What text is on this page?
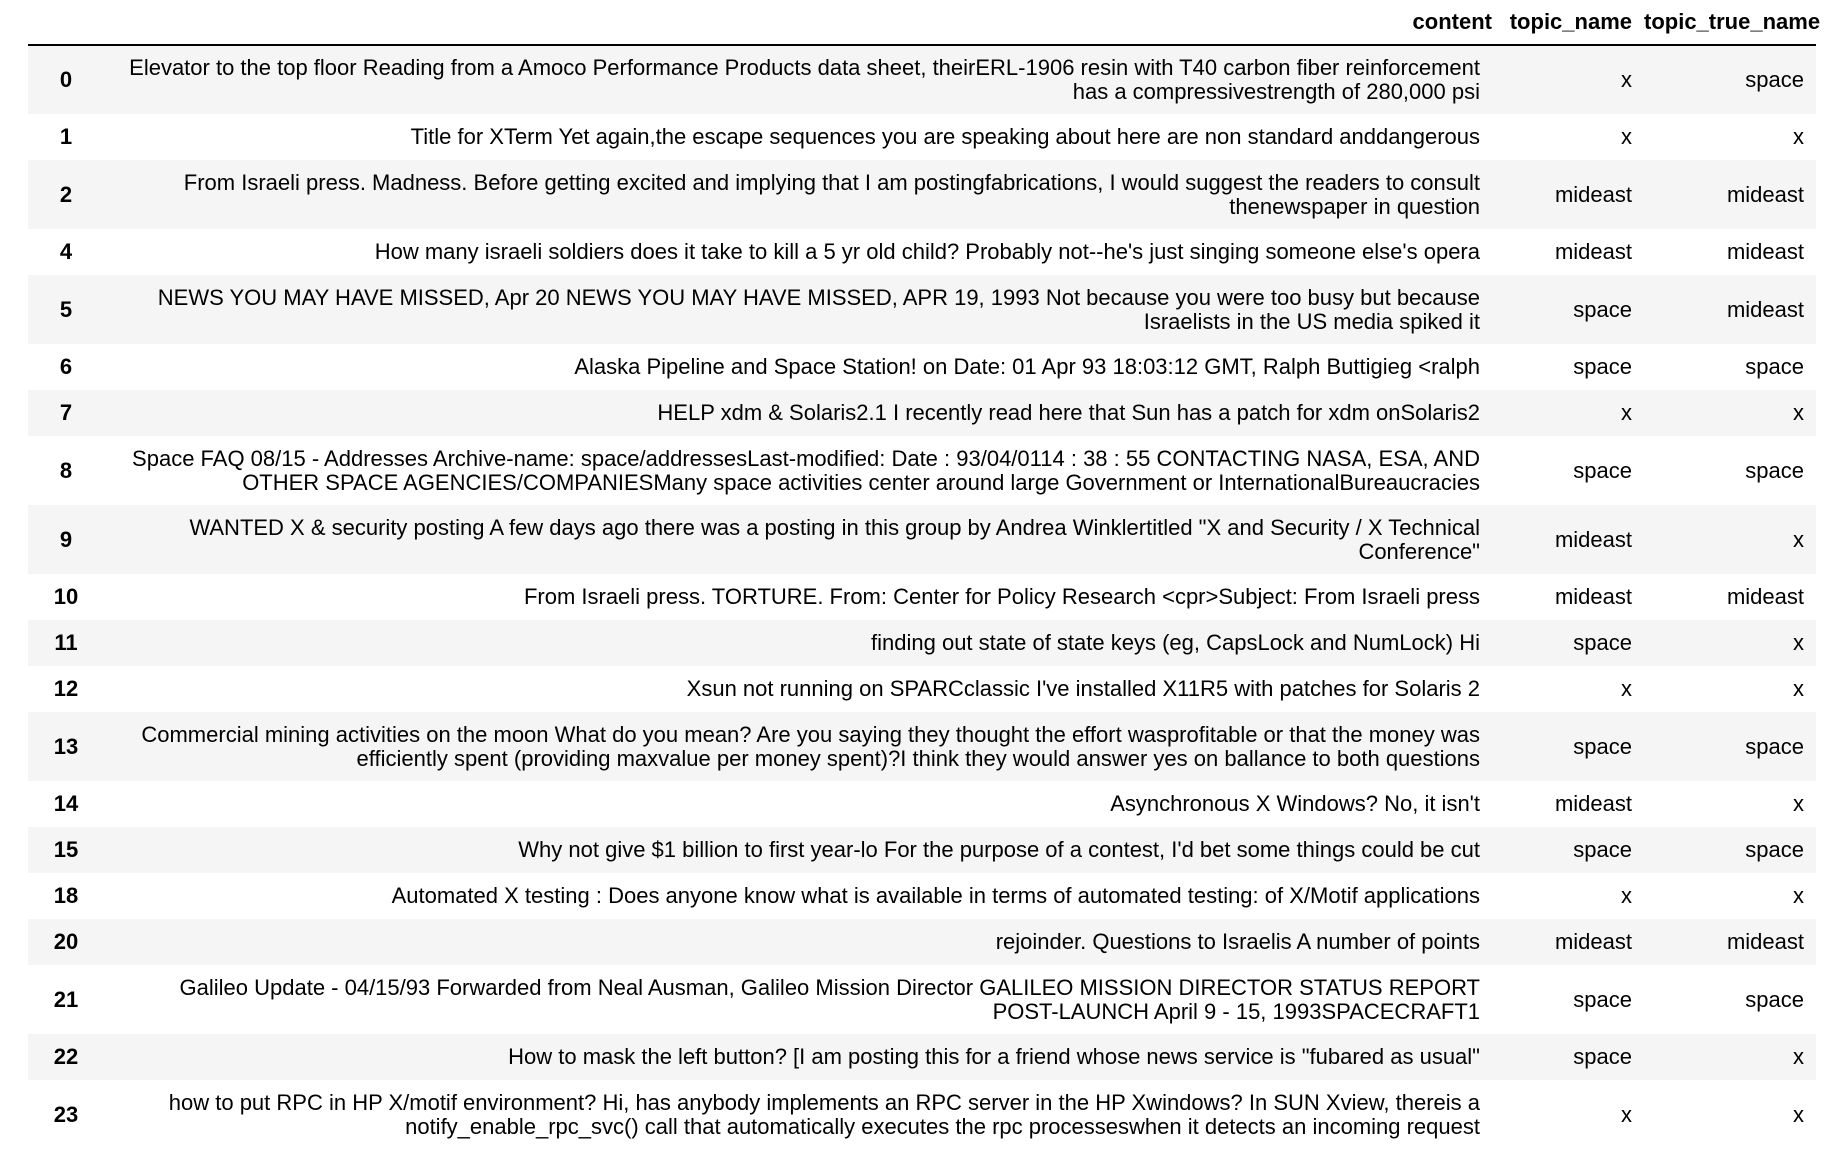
	content	topic_name	topic_true_name
0	Elevator to the top floor Reading from a Amoco Performance Products data sheet, theirERL-1906 resin with T40 carbon fiber reinforcement has a compressivestrength of 280,000 psi	x	space
1	Title for XTerm Yet again,the escape sequences you are speaking about here are non standard anddangerous	x	x
2	From Israeli press. Madness. Before getting excited and implying that I am postingfabrications, I would suggest the readers to consult thenewspaper in question	mideast	mideast
4	How many israeli soldiers does it take to kill a 5 yr old child? Probably not--he's just singing someone else's opera	mideast	mideast
5	NEWS YOU MAY HAVE MISSED, Apr 20 NEWS YOU MAY HAVE MISSED, APR 19, 1993 Not because you were too busy but because Israelists in the US media spiked it	space	mideast
6	Alaska Pipeline and Space Station! on Date: 01 Apr 93 18:03:12 GMT, Ralph Buttigieg <ralph	space	space
7	HELP xdm & Solaris2.1 I recently read here that Sun has a patch for xdm onSolaris2	x	x
8	Space FAQ 08/15 - Addresses Archive-name: space/addressesLast-modified: Date : 93/04/0114 : 38 : 55 CONTACTING NASA, ESA, AND OTHER SPACE AGENCIES/COMPANIESMany space activities center around large Government or InternationalBureaucracies	space	space
9	WANTED X & security posting A few days ago there was a posting in this group by Andrea Winklertitled "X and Security / X Technical Conference"	mideast	x
10	From Israeli press. TORTURE. From: Center for Policy Research <cpr>Subject: From Israeli press	mideast	mideast
11	finding out state of state keys (eg, CapsLock and NumLock) Hi	space	x
12	Xsun not running on SPARCclassic I've installed X11R5 with patches for Solaris 2	x	x
13	Commercial mining activities on the moon What do you mean? Are you saying they thought the effort wasprofitable or that the money was efficiently spent (providing maxvalue per money spent)?I think they would answer yes on ballance to both questions	space	space
14	Asynchronous X Windows? No, it isn't	mideast	x
15	Why not give $1 billion to first year-lo For the purpose of a contest, I'd bet some things could be cut	space	space
18	Automated X testing : Does anyone know what is available in terms of automated testing: of X/Motif applications	x	x
20	rejoinder. Questions to Israelis A number of points	mideast	mideast
21	Galileo Update - 04/15/93 Forwarded from Neal Ausman, Galileo Mission Director GALILEO MISSION DIRECTOR STATUS REPORT POST-LAUNCH April 9 - 15, 1993SPACECRAFT1	space	space
22	How to mask the left button? [I am posting this for a friend whose news service is "fubared as usual"	space	x
23	how to put RPC in HP X/motif environment? Hi, has anybody implements an RPC server in the HP Xwindows? In SUN Xview, thereis a notify_enable_rpc_svc() call that automatically executes the rpc processeswhen it detects an incoming request	x	x
